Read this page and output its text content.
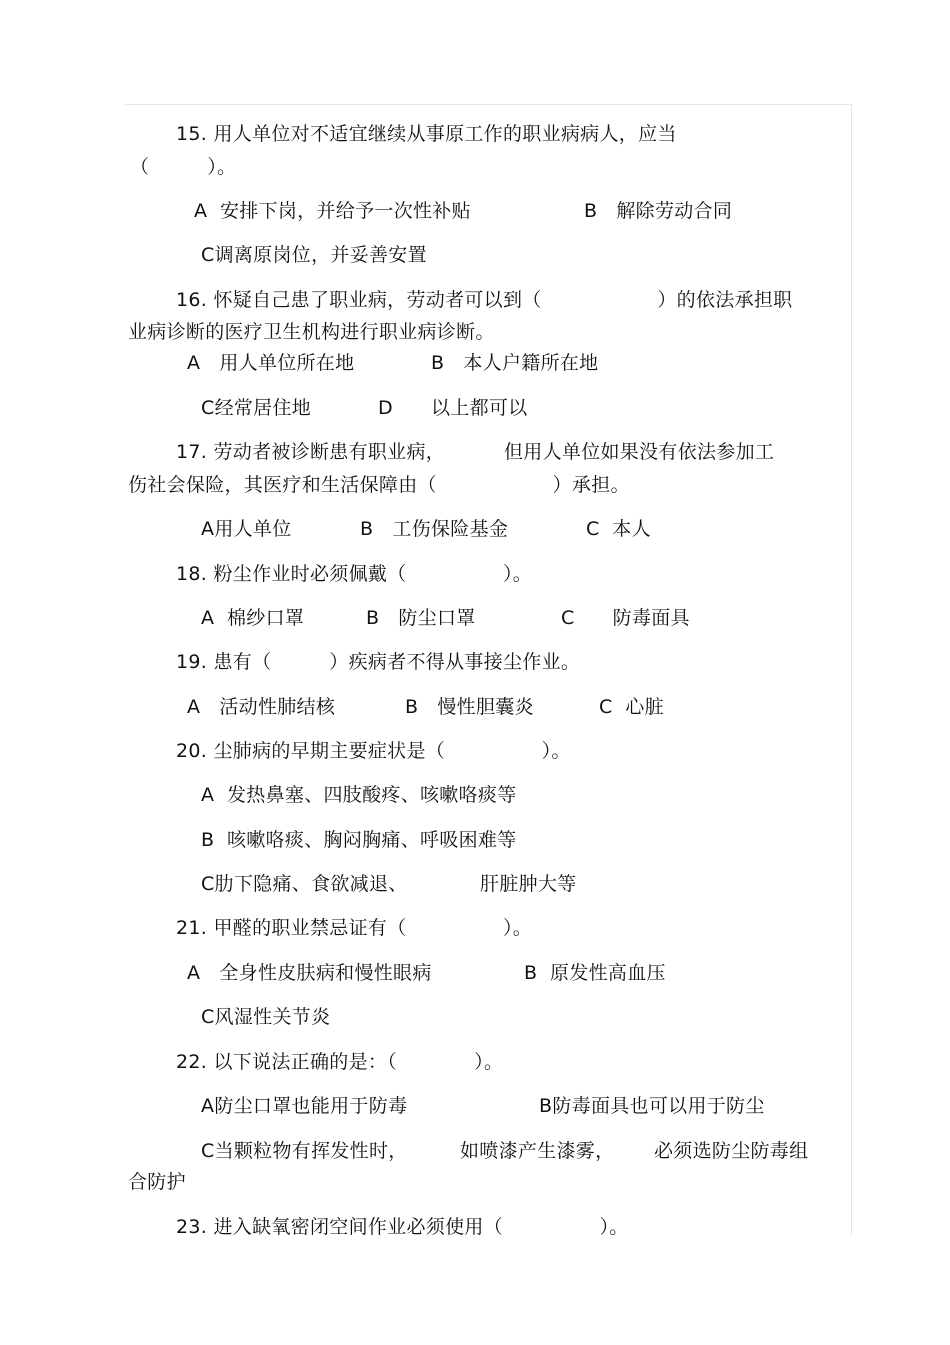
15. 用人单位对不适宜继续从事原工作的职业病病人，应当
（　　　）。
A 安排下岗，并给予一次性补贴	B 解除劳动合同
C调离原岗位，并妥善安置
16. 怀疑自己患了职业病，劳动者可以到（　　　　　　）的依法承担职
业病诊断的医疗卫生机构进行职业病诊断。
A 用人单位所在地	B 本人户籍所在地
C经常居住地	D 以上都可以
17. 劳动者被诊断患有职业病，	但用人单位如果没有依法参加工
伤社会保险，其医疗和生活保障由（　　　　　　）承担。
A用人单位	B 工伤保险基金	C 本人
18. 粉尘作业时必须佩戴（　　　　　）。
A 棉纱口罩	B 防尘口罩	C 防毒面具
19. 患有（　　　）疾病者不得从事接尘作业。
A 活动性肺结核	B 慢性胆囊炎	C 心脏
20. 尘肺病的早期主要症状是（　　　　　）。
A 发热鼻塞、四肢酸疼、咳嗽咯痰等
B 咳嗽咯痰、胸闷胸痛、呼吸困难等
C肋下隐痛、食欲减退、	肝脏肿大等
21. 甲醛的职业禁忌证有（　　　　　）。
A 全身性皮肤病和慢性眼病	B 原发性高血压
C风湿性关节炎
22. 以下说法正确的是：（　　　　）。
A防尘口罩也能用于防毒	B防毒面具也可以用于防尘
C当颗粒物有挥发性时，	如喷漆产生漆雾， 必须选防尘防毒组
合防护
23. 进入缺氧密闭空间作业必须使用（　　　　　）。
